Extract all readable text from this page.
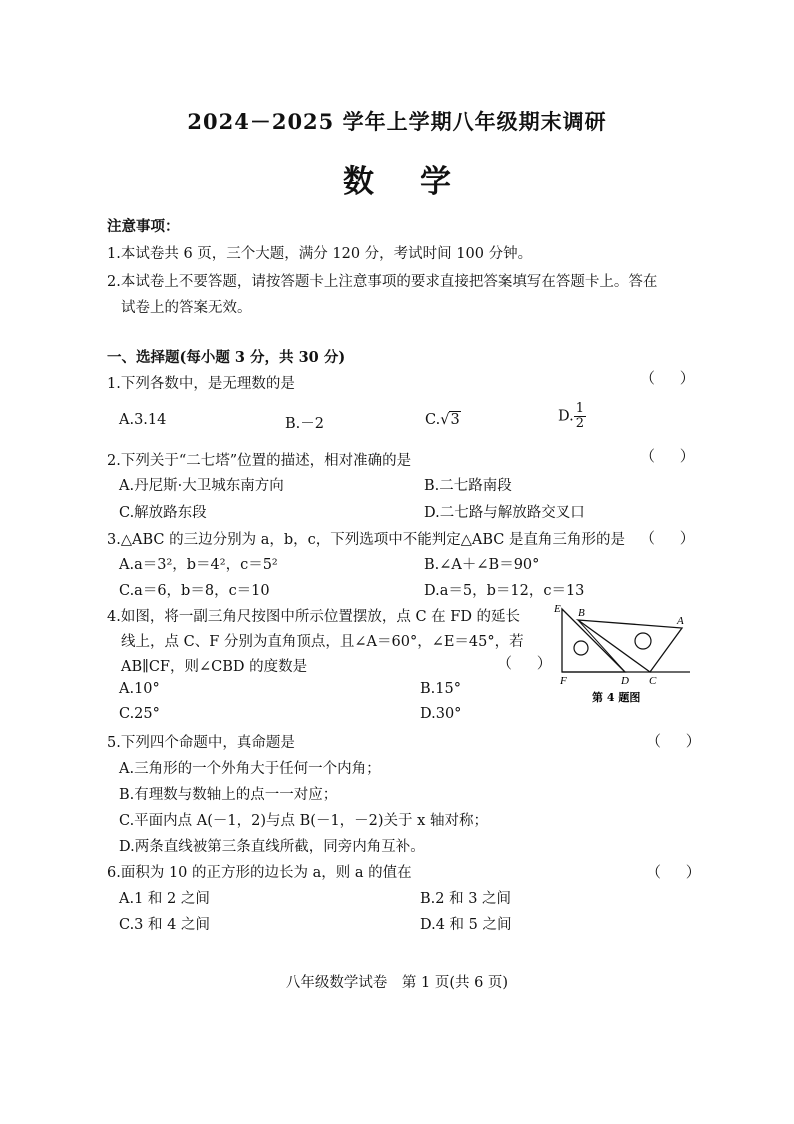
2024－2025 学年上学期八年级期末调研
数学
注意事项：
1.本试卷共 6 页，三个大题，满分 120 分，考试时间 100 分钟。
2.本试卷上不要答题，请按答题卡上注意事项的要求直接把答案填写在答题卡上。答在
试卷上的答案无效。
一、选择题(每小题 3 分，共 30 分)
1.下列各数中，是无理数的是	（ ）
A.3.14	B.－2	C.√3	D. $\frac{1}{2}$
2.下列关于“二七塔”位置的描述，相对准确的是	（ ）
A.丹尼斯·大卫城东南方向	B.二七路南段
C.解放路东段	D.二七路与解放路交叉口
3.△ABC 的三边分别为 a，b，c，下列选项中不能判定△ABC 是直角三角形的是 （ ）
A.a＝3²，b＝4²，c＝5²	B.∠A＋∠B＝90°
C.a＝6，b＝8，c＝10	D.a＝5，b＝12，c＝13
4.如图，将一副三角尺按图中所示位置摆放，点 C 在 FD 的延长
线上，点 C、F 分别为直角顶点，且∠A＝60°，∠E＝45°，若
AB∥CF，则∠CBD 的度数是	（ ）
A.10°	B.15°
C.25°	D.30°
E B
A
F	D C
第 4 题图
5.下列四个命题中，真命题是	（ ）
A.三角形的一个外角大于任何一个内角；
B.有理数与数轴上的点一一对应；
C.平面内点 A(－1，2)与点 B(－1，－2)关于 x 轴对称；
D.两条直线被第三条直线所截，同旁内角互补。
6.面积为 10 的正方形的边长为 a，则 a 的值在	（ ）
A.1 和 2 之间	B.2 和 3 之间
C.3 和 4 之间	D.4 和 5 之间
八年级数学试卷　第 1 页(共 6 页)
